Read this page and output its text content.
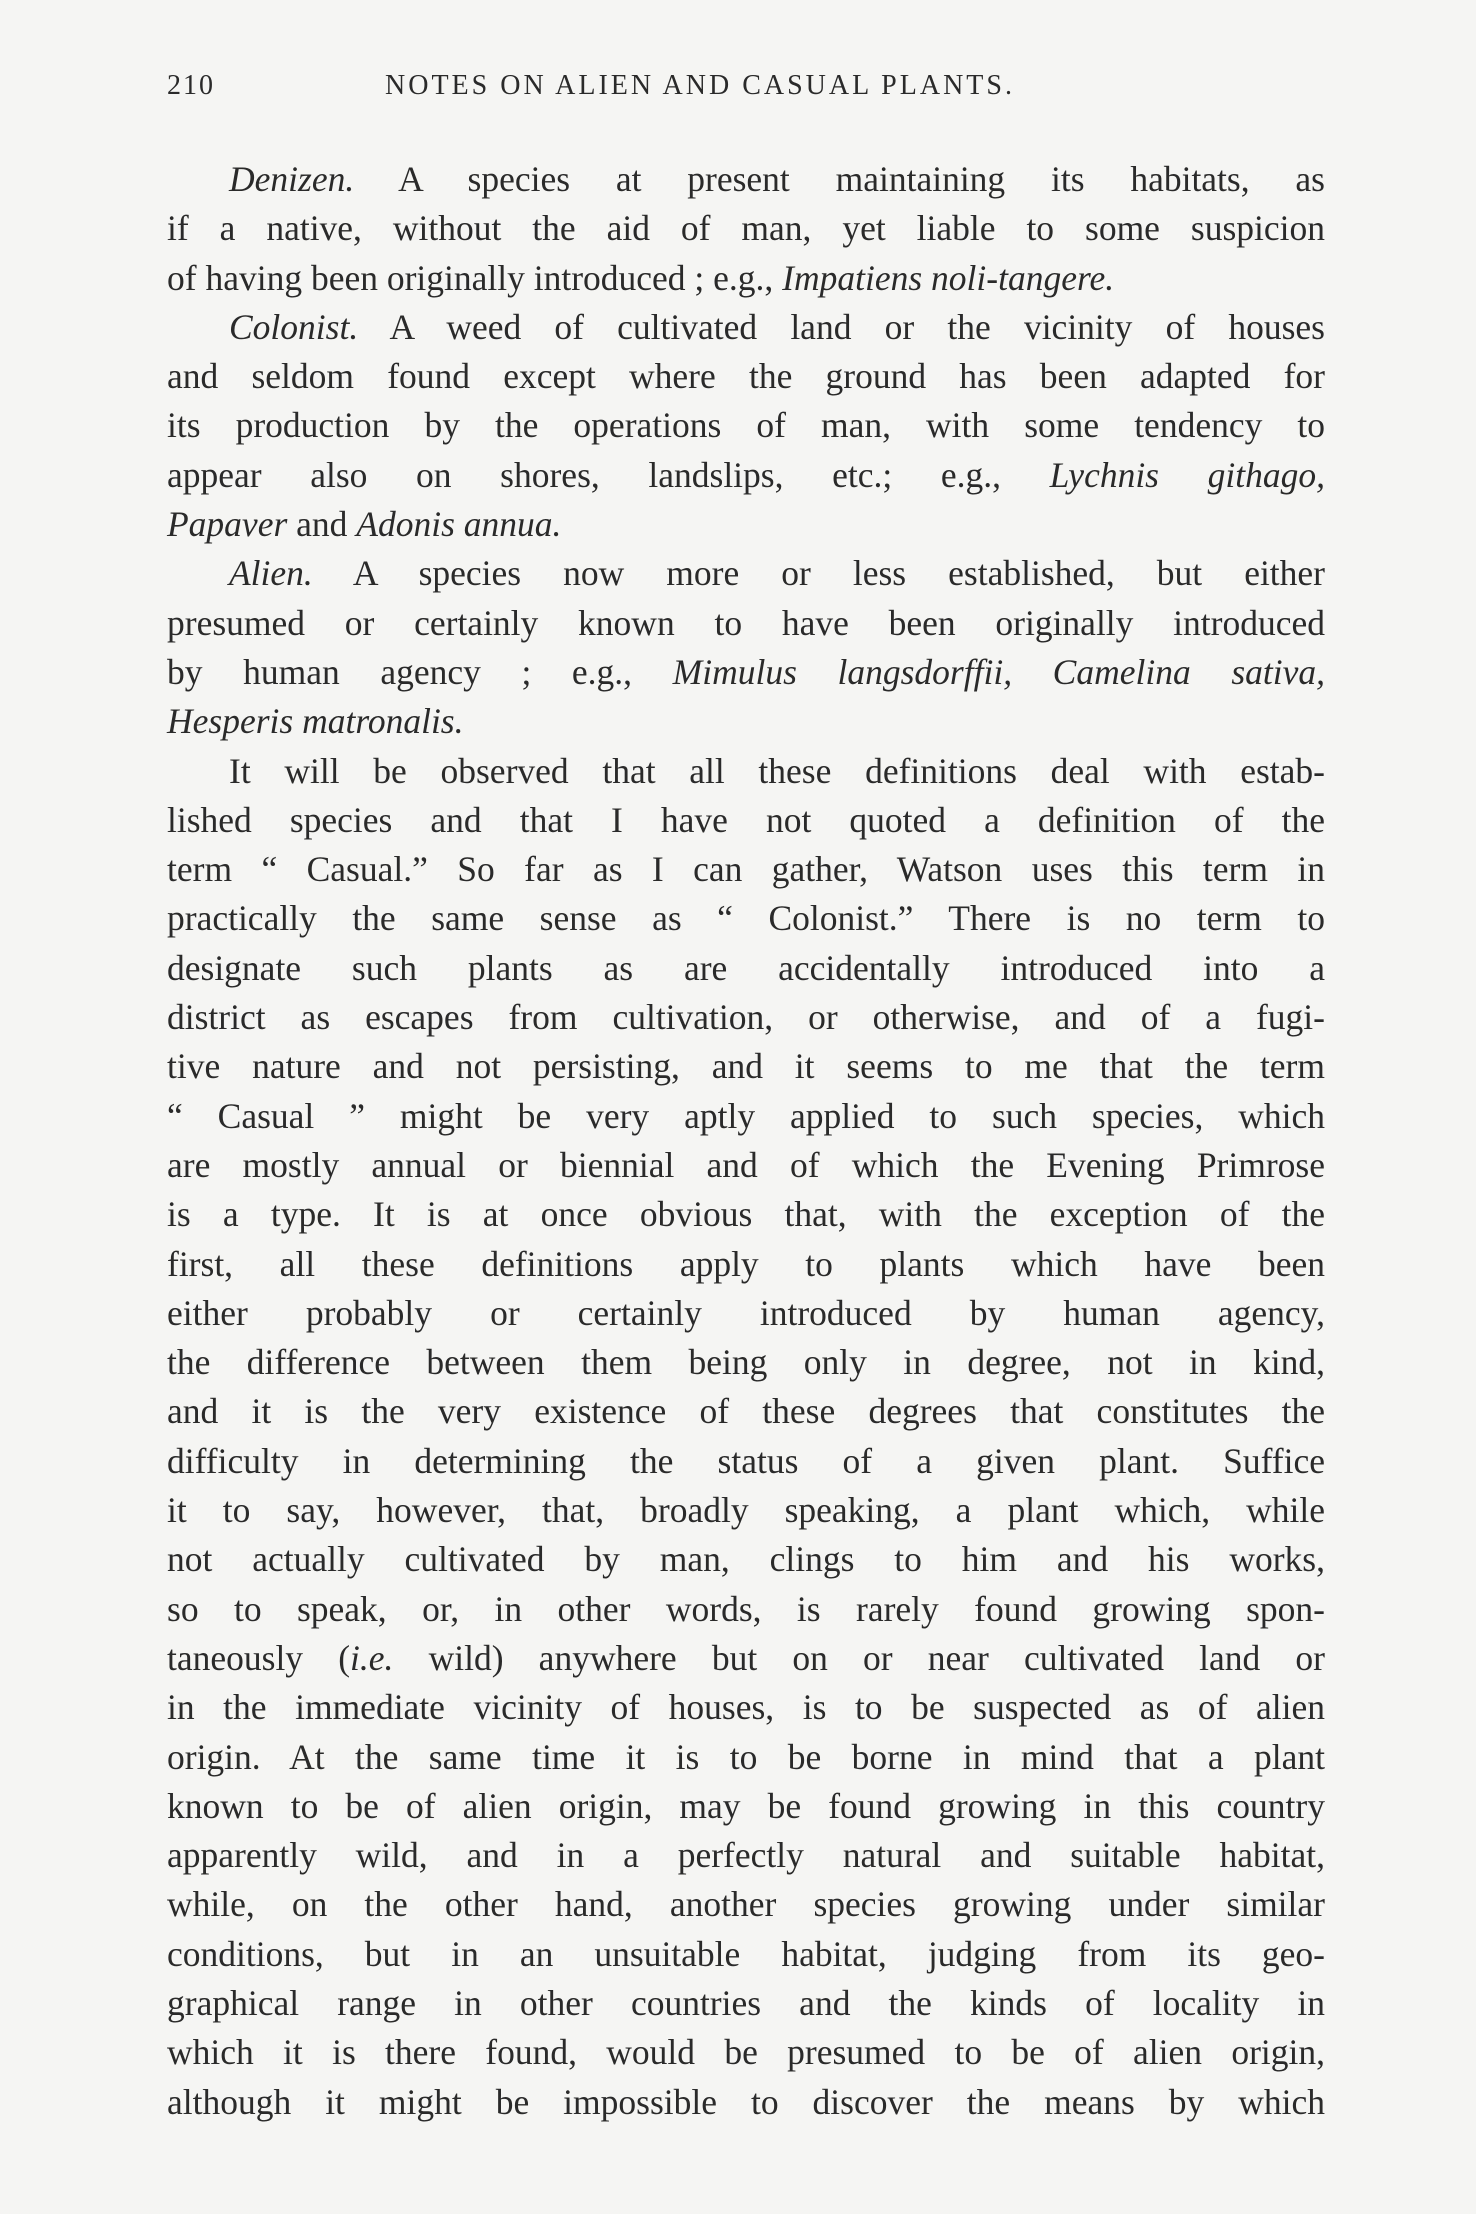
210	NOTES ON ALIEN AND CASUAL PLANTS.
Denizen. A species at present maintaining its habitats, as
if a native, without the aid of man, yet liable to some suspicion
of having been originally introduced ; e.g., Impatiens noli-tangere.
Colonist. A weed of cultivated land or the vicinity of houses
and seldom found except where the ground has been adapted for
its production by the operations of man, with some tendency to
appear also on shores, landslips, etc.; e.g., Lychnis githago,
Papaver and Adonis annua.
Alien. A species now more or less established, but either
presumed or certainly known to have been originally introduced
by human agency ; e.g., Mimulus langsdorffii, Camelina sativa,
Hesperis matronalis.
It will be observed that all these definitions deal with estab-
lished species and that I have not quoted a definition of the
term “ Casual.” So far as I can gather, Watson uses this term in
practically the same sense as “ Colonist.” There is no term to
designate such plants as are accidentally introduced into a
district as escapes from cultivation, or otherwise, and of a fugi-
tive nature and not persisting, and it seems to me that the term
“ Casual ” might be very aptly applied to such species, which
are mostly annual or biennial and of which the Evening Primrose
is a type. It is at once obvious that, with the exception of the
first, all these definitions apply to plants which have been
either probably or certainly introduced by human agency,
the difference between them being only in degree, not in kind,
and it is the very existence of these degrees that constitutes the
difficulty in determining the status of a given plant. Suffice
it to say, however, that, broadly speaking, a plant which, while
not actually cultivated by man, clings to him and his works,
so to speak, or, in other words, is rarely found growing spon-
taneously (i.e. wild) anywhere but on or near cultivated land or
in the immediate vicinity of houses, is to be suspected as of alien
origin. At the same time it is to be borne in mind that a plant
known to be of alien origin, may be found growing in this country
apparently wild, and in a perfectly natural and suitable habitat,
while, on the other hand, another species growing under similar
conditions, but in an unsuitable habitat, judging from its geo-
graphical range in other countries and the kinds of locality in
which it is there found, would be presumed to be of alien origin,
although it might be impossible to discover the means by which
